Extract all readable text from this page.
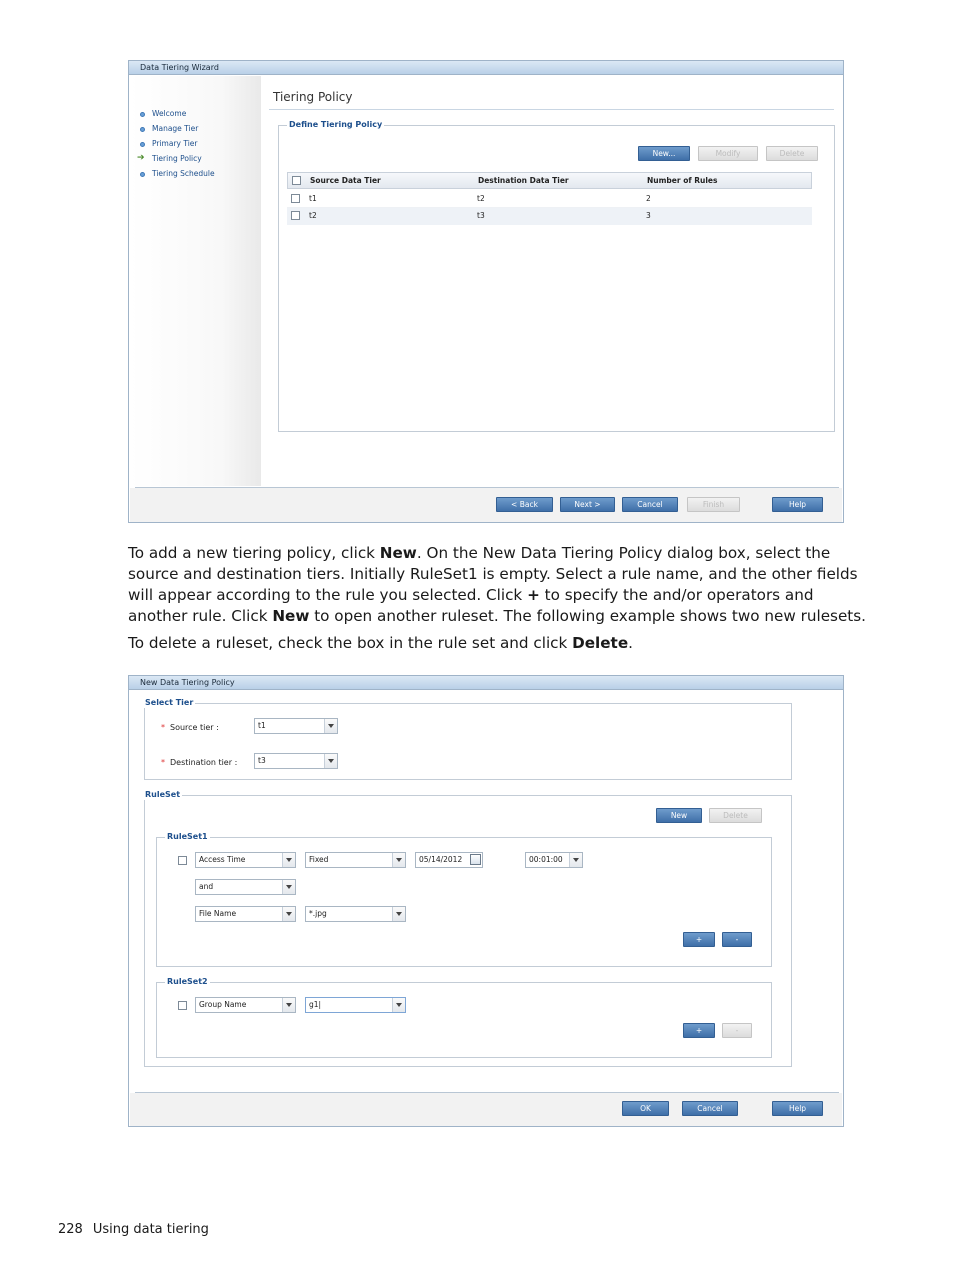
Data Tiering Wizard
Welcome
Manage Tier
Primary Tier
➔ Tiering Policy
Tiering Schedule
Tiering Policy
Define Tiering Policy
New...	Modify	Delete
Source Data Tier	Destination Data Tier	Number of Rules
t1	t2	2
t2	t3	3
< Back	Next >	Cancel	Finish	Help
To add a new tiering policy, click New. On the New Data Tiering Policy dialog box, select the source and destination tiers. Initially RuleSet1 is empty. Select a rule name, and the other fields will appear according to the rule you selected. Click + to specify the and/or operators and another rule. Click New to open another ruleset. The following example shows two new rulesets.
To delete a ruleset, check the box in the rule set and click Delete.
New Data Tiering Policy
Select Tier
* Source tier :	t1
* Destination tier :	t3
RuleSet
New	Delete
RuleSet1
Access Time	Fixed	05/14/2012	00:01:00
and
File Name	*.jpg
+	-
RuleSet2
Group Name	g1|
+	-
OK	Cancel	Help
228 Using data tiering
